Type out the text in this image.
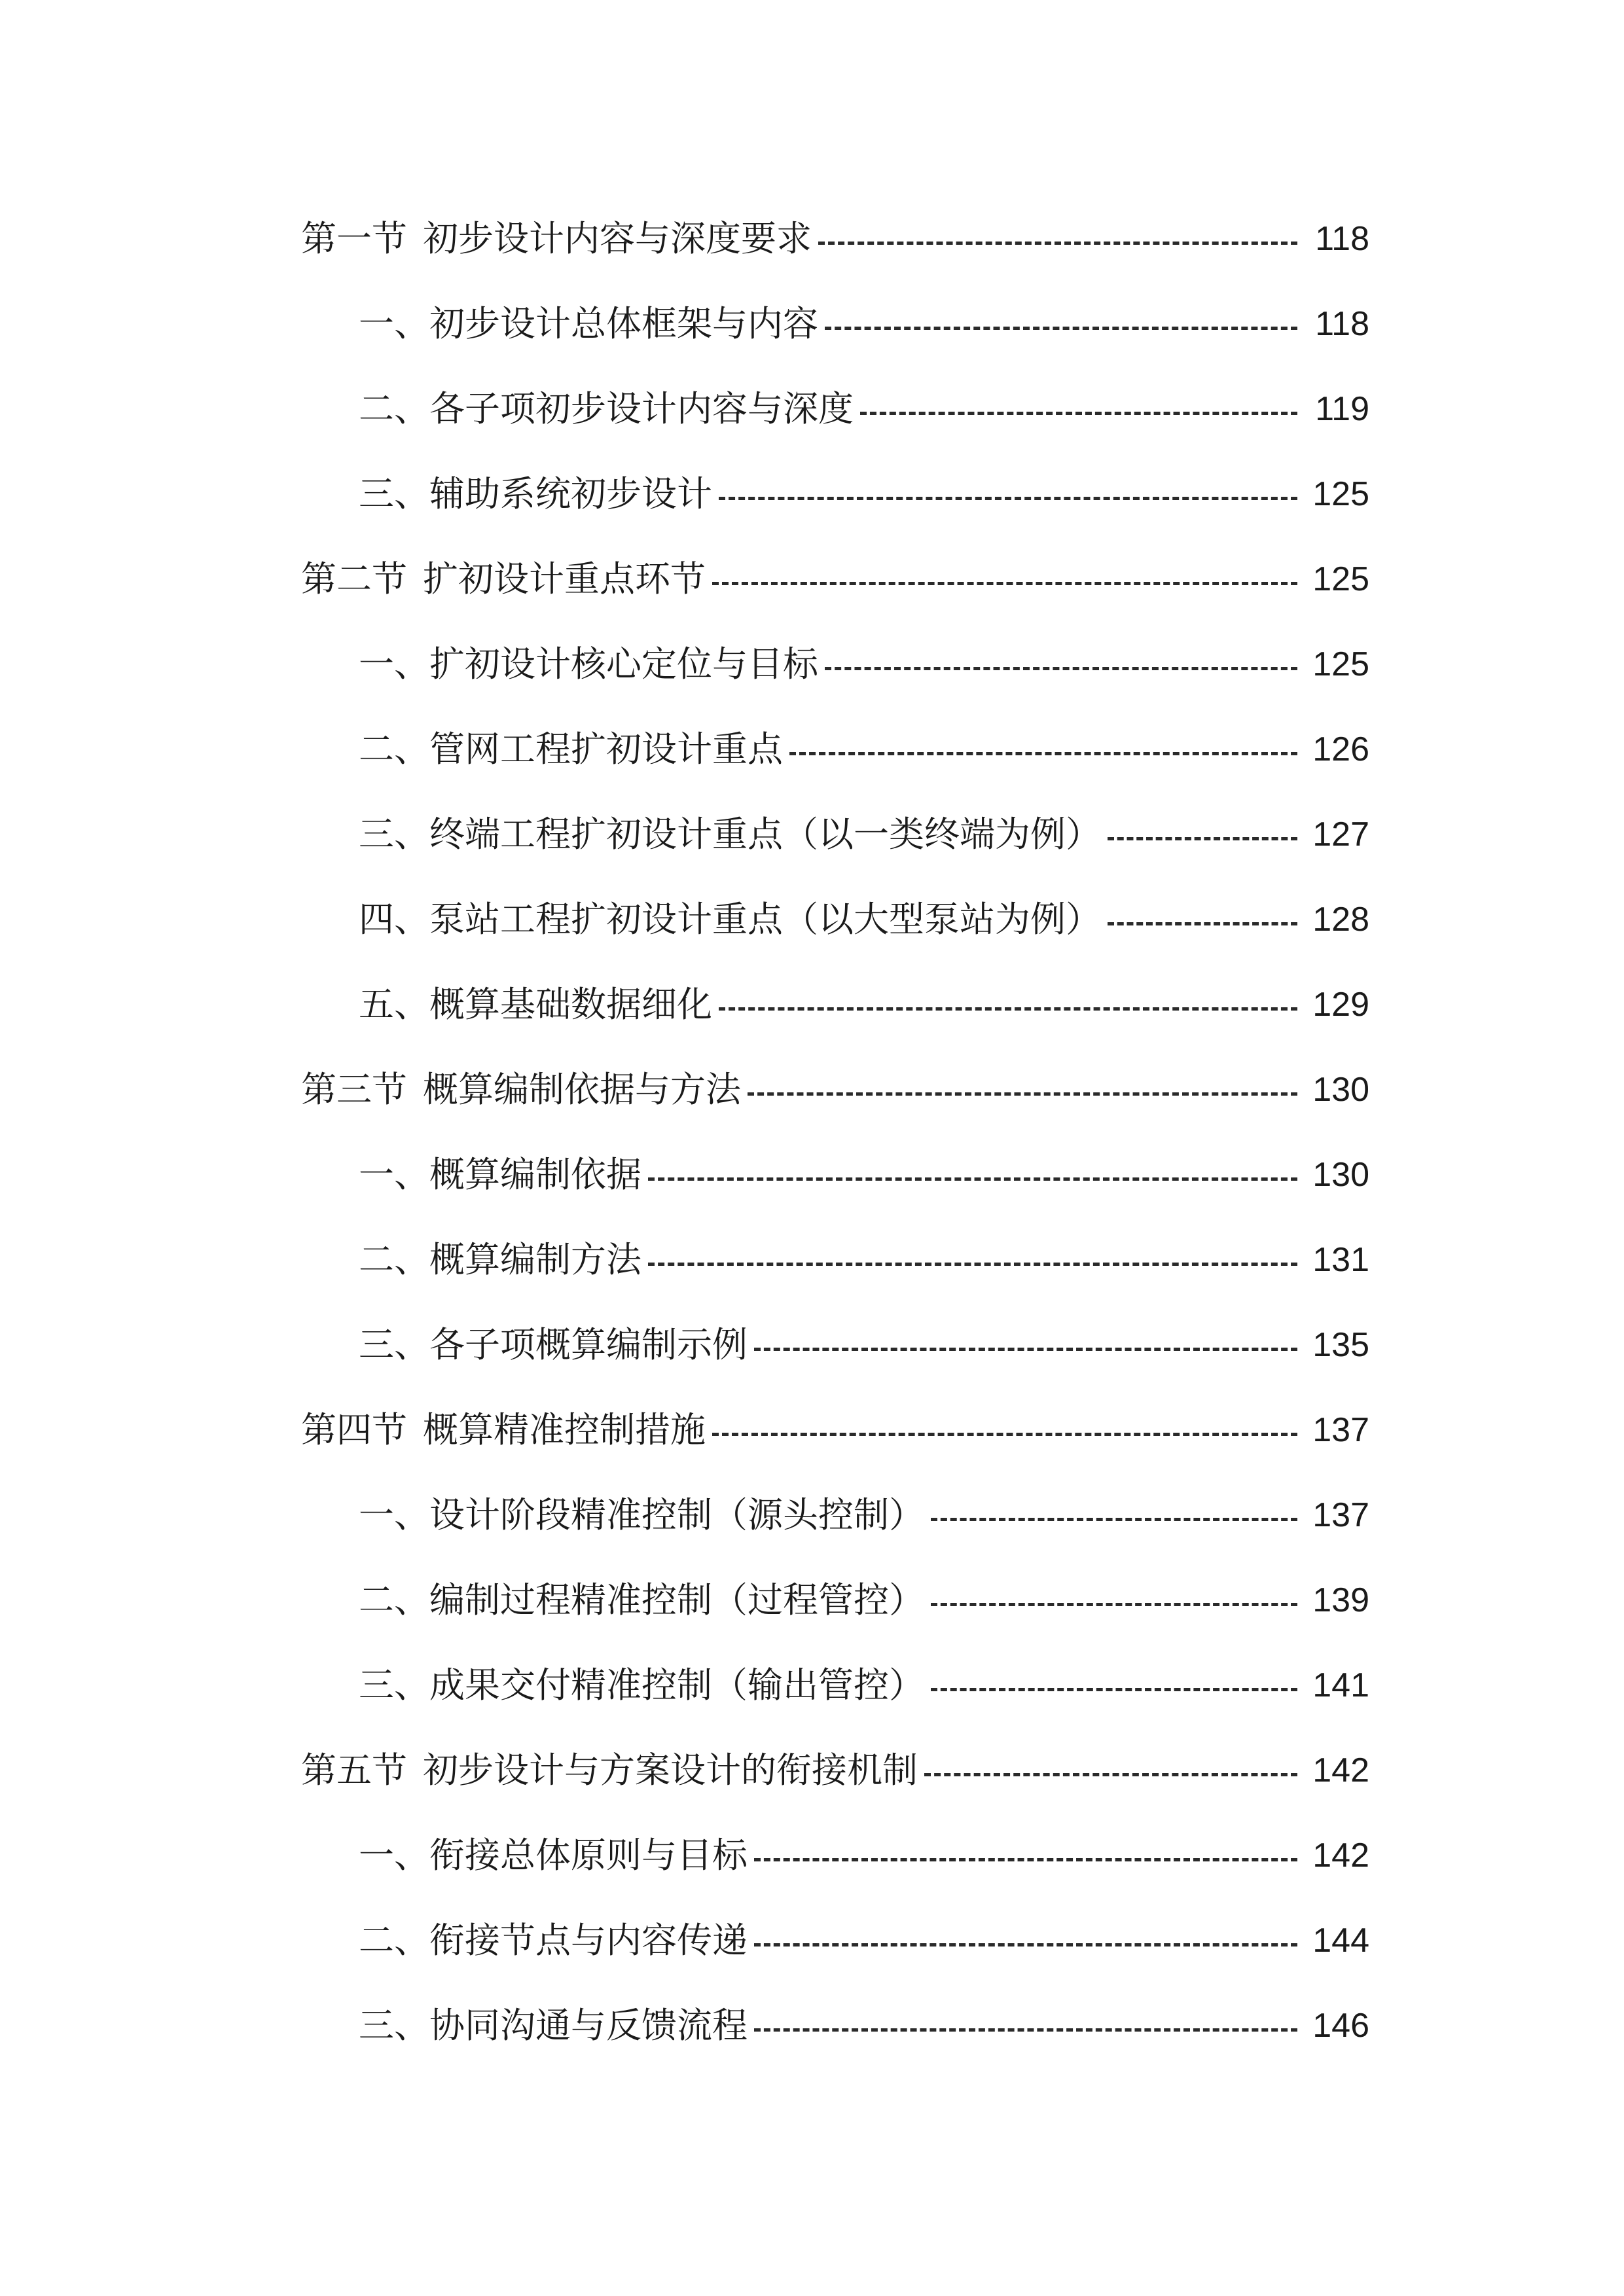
第一节 初步设计内容与深度要求	118
一、 初步设计总体框架与内容	118
二、 各子项初步设计内容与深度	119
三、 辅助系统初步设计	125
第二节 扩初设计重点环节	125
一、 扩初设计核心定位与目标	125
二、 管网工程扩初设计重点	126
三、 终端工程扩初设计重点（以一类终端为例）	127
四、 泵站工程扩初设计重点（以大型泵站为例）	128
五、 概算基础数据细化	129
第三节 概算编制依据与方法	130
一、 概算编制依据	130
二、 概算编制方法	131
三、 各子项概算编制示例	135
第四节 概算精准控制措施	137
一、 设计阶段精准控制（源头控制）	137
二、 编制过程精准控制（过程管控）	139
三、 成果交付精准控制（输出管控）	141
第五节 初步设计与方案设计的衔接机制	142
一、 衔接总体原则与目标	142
二、 衔接节点与内容传递	144
三、 协同沟通与反馈流程	146
